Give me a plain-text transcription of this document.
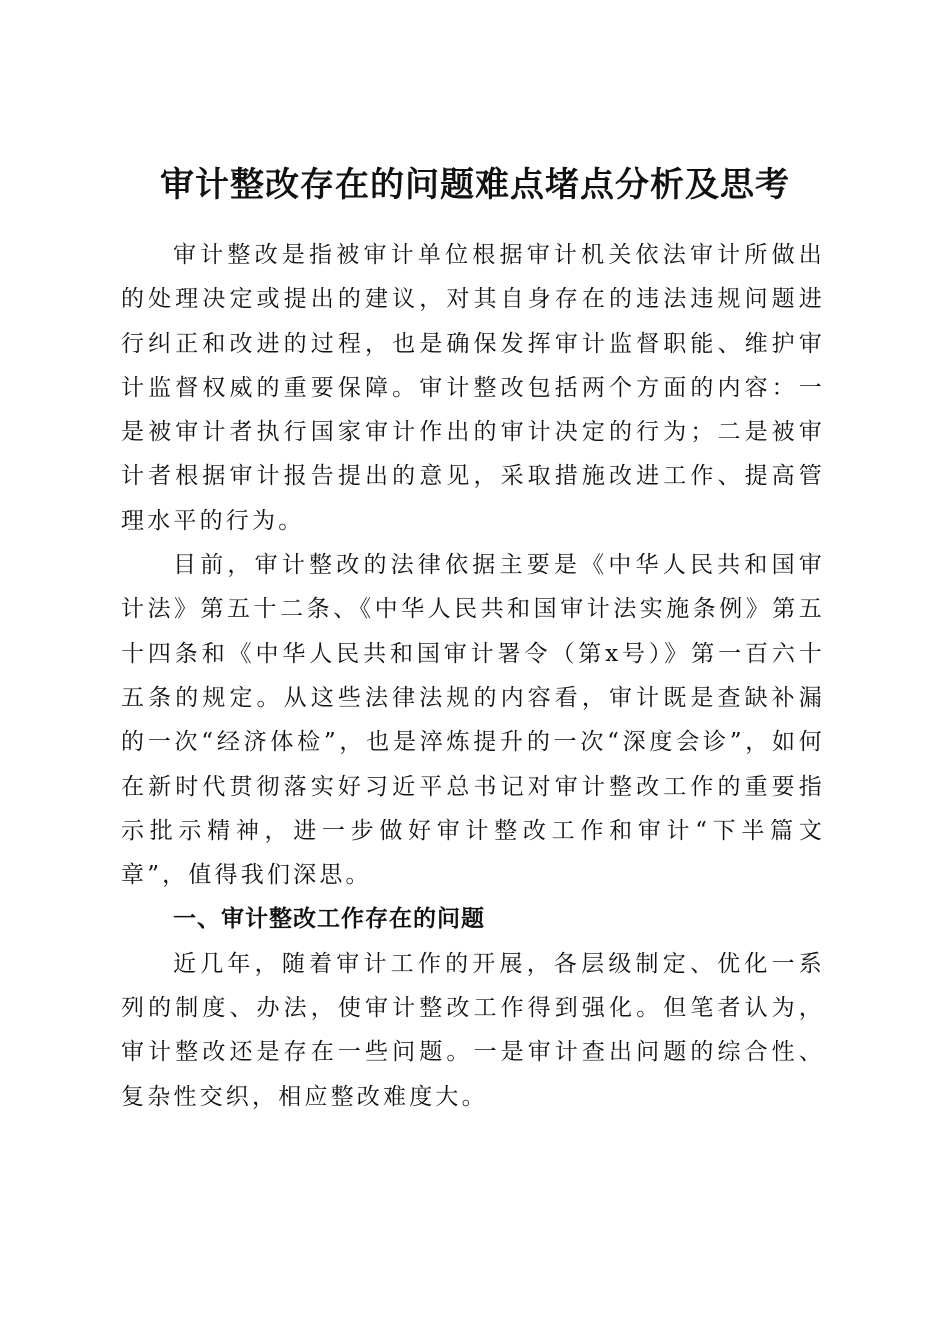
审计整改存在的问题难点堵点分析及思考

审计整改是指被审计单位根据审计机关依法审计所做出的处理决定或提出的建议，对其自身存在的违法违规问题进行纠正和改进的过程，也是确保发挥审计监督职能、维护审计监督权威的重要保障。审计整改包括两个方面的内容：一是被审计者执行国家审计作出的审计决定的行为；二是被审计者根据审计报告提出的意见，采取措施改进工作、提高管理水平的行为。

目前，审计整改的法律依据主要是《中华人民共和国审计法》第五十二条、《中华人民共和国审计法实施条例》第五十四条和《中华人民共和国审计署令（第x号）》第一百六十五条的规定。从这些法律法规的内容看，审计既是查缺补漏的一次“经济体检”，也是淬炼提升的一次“深度会诊”，如何在新时代贯彻落实好习近平总书记对审计整改工作的重要指示批示精神，进一步做好审计整改工作和审计“下半篇文章”，值得我们深思。

一、审计整改工作存在的问题

近几年，随着审计工作的开展，各层级制定、优化一系列的制度、办法，使审计整改工作得到强化。但笔者认为，审计整改还是存在一些问题。一是审计查出问题的综合性、复杂性交织，相应整改难度大。
